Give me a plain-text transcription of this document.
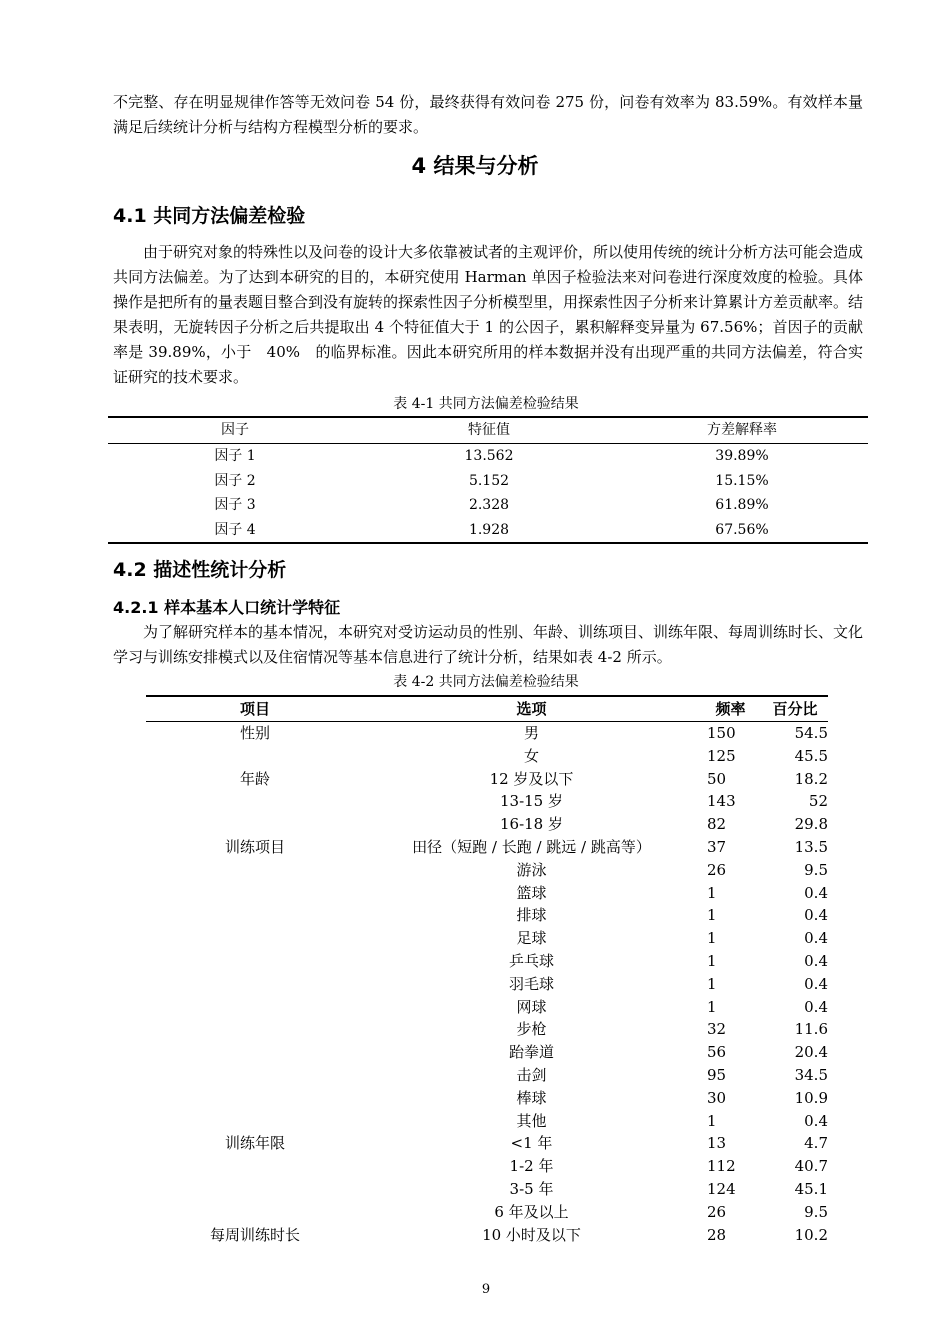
不完整、存在明显规律作答等无效问卷 54 份，最终获得有效问卷 275 份，问卷有效率为 83.59%。有效样本量满足后续统计分析与结构方程模型分析的要求。

4 结果与分析
4.1 共同方法偏差检验

由于研究对象的特殊性以及问卷的设计大多依靠被试者的主观评价，所以使用传统的统计分析方法可能会造成共同方法偏差。为了达到本研究的目的，本研究使用 Harman 单因子检验法来对问卷进行深度效度的检验。具体操作是把所有的量表题目整合到没有旋转的探索性因子分析模型里，用探索性因子分析来计算累计方差贡献率。结果表明，无旋转因子分析之后共提取出 4 个特征值大于 1 的公因子，累积解释变异量为 67.56%；首因子的贡献率是 39.89%，小于　40%　的临界标准。因此本研究所用的样本数据并没有出现严重的共同方法偏差，符合实证研究的技术要求。

表 4-1 共同方法偏差检验结果

因子	特征值	方差解释率
因子 1	13.562	39.89%
因子 2	5.152	15.15%
因子 3	2.328	61.89%
因子 4	1.928	67.56%
4.2 描述性统计分析
4.2.1 样本基本人口统计学特征

为了解研究样本的基本情况，本研究对受访运动员的性别、年龄、训练项目、训练年限、每周训练时长、文化学习与训练安排模式以及住宿情况等基本信息进行了统计分析，结果如表 4-2 所示。

表 4-2 共同方法偏差检验结果

项目	选项	频率	百分比
性别	男	150	54.5
	女	125	45.5
年龄	12 岁及以下	50	18.2
	13-15 岁	143	52
	16-18 岁	82	29.8
训练项目	田径（短跑 / 长跑 / 跳远 / 跳高等）	37	13.5
	游泳	26	9.5
	篮球	1	0.4
	排球	1	0.4
	足球	1	0.4
	乒乓球	1	0.4
	羽毛球	1	0.4
	网球	1	0.4
	步枪	32	11.6
	跆拳道	56	20.4
	击剑	95	34.5
	棒球	30	10.9
	其他	1	0.4
训练年限	<1 年	13	4.7
	1-2 年	112	40.7
	3-5 年	124	45.1
	6 年及以上	26	9.5
每周训练时长	10 小时及以下	28	10.2

9
